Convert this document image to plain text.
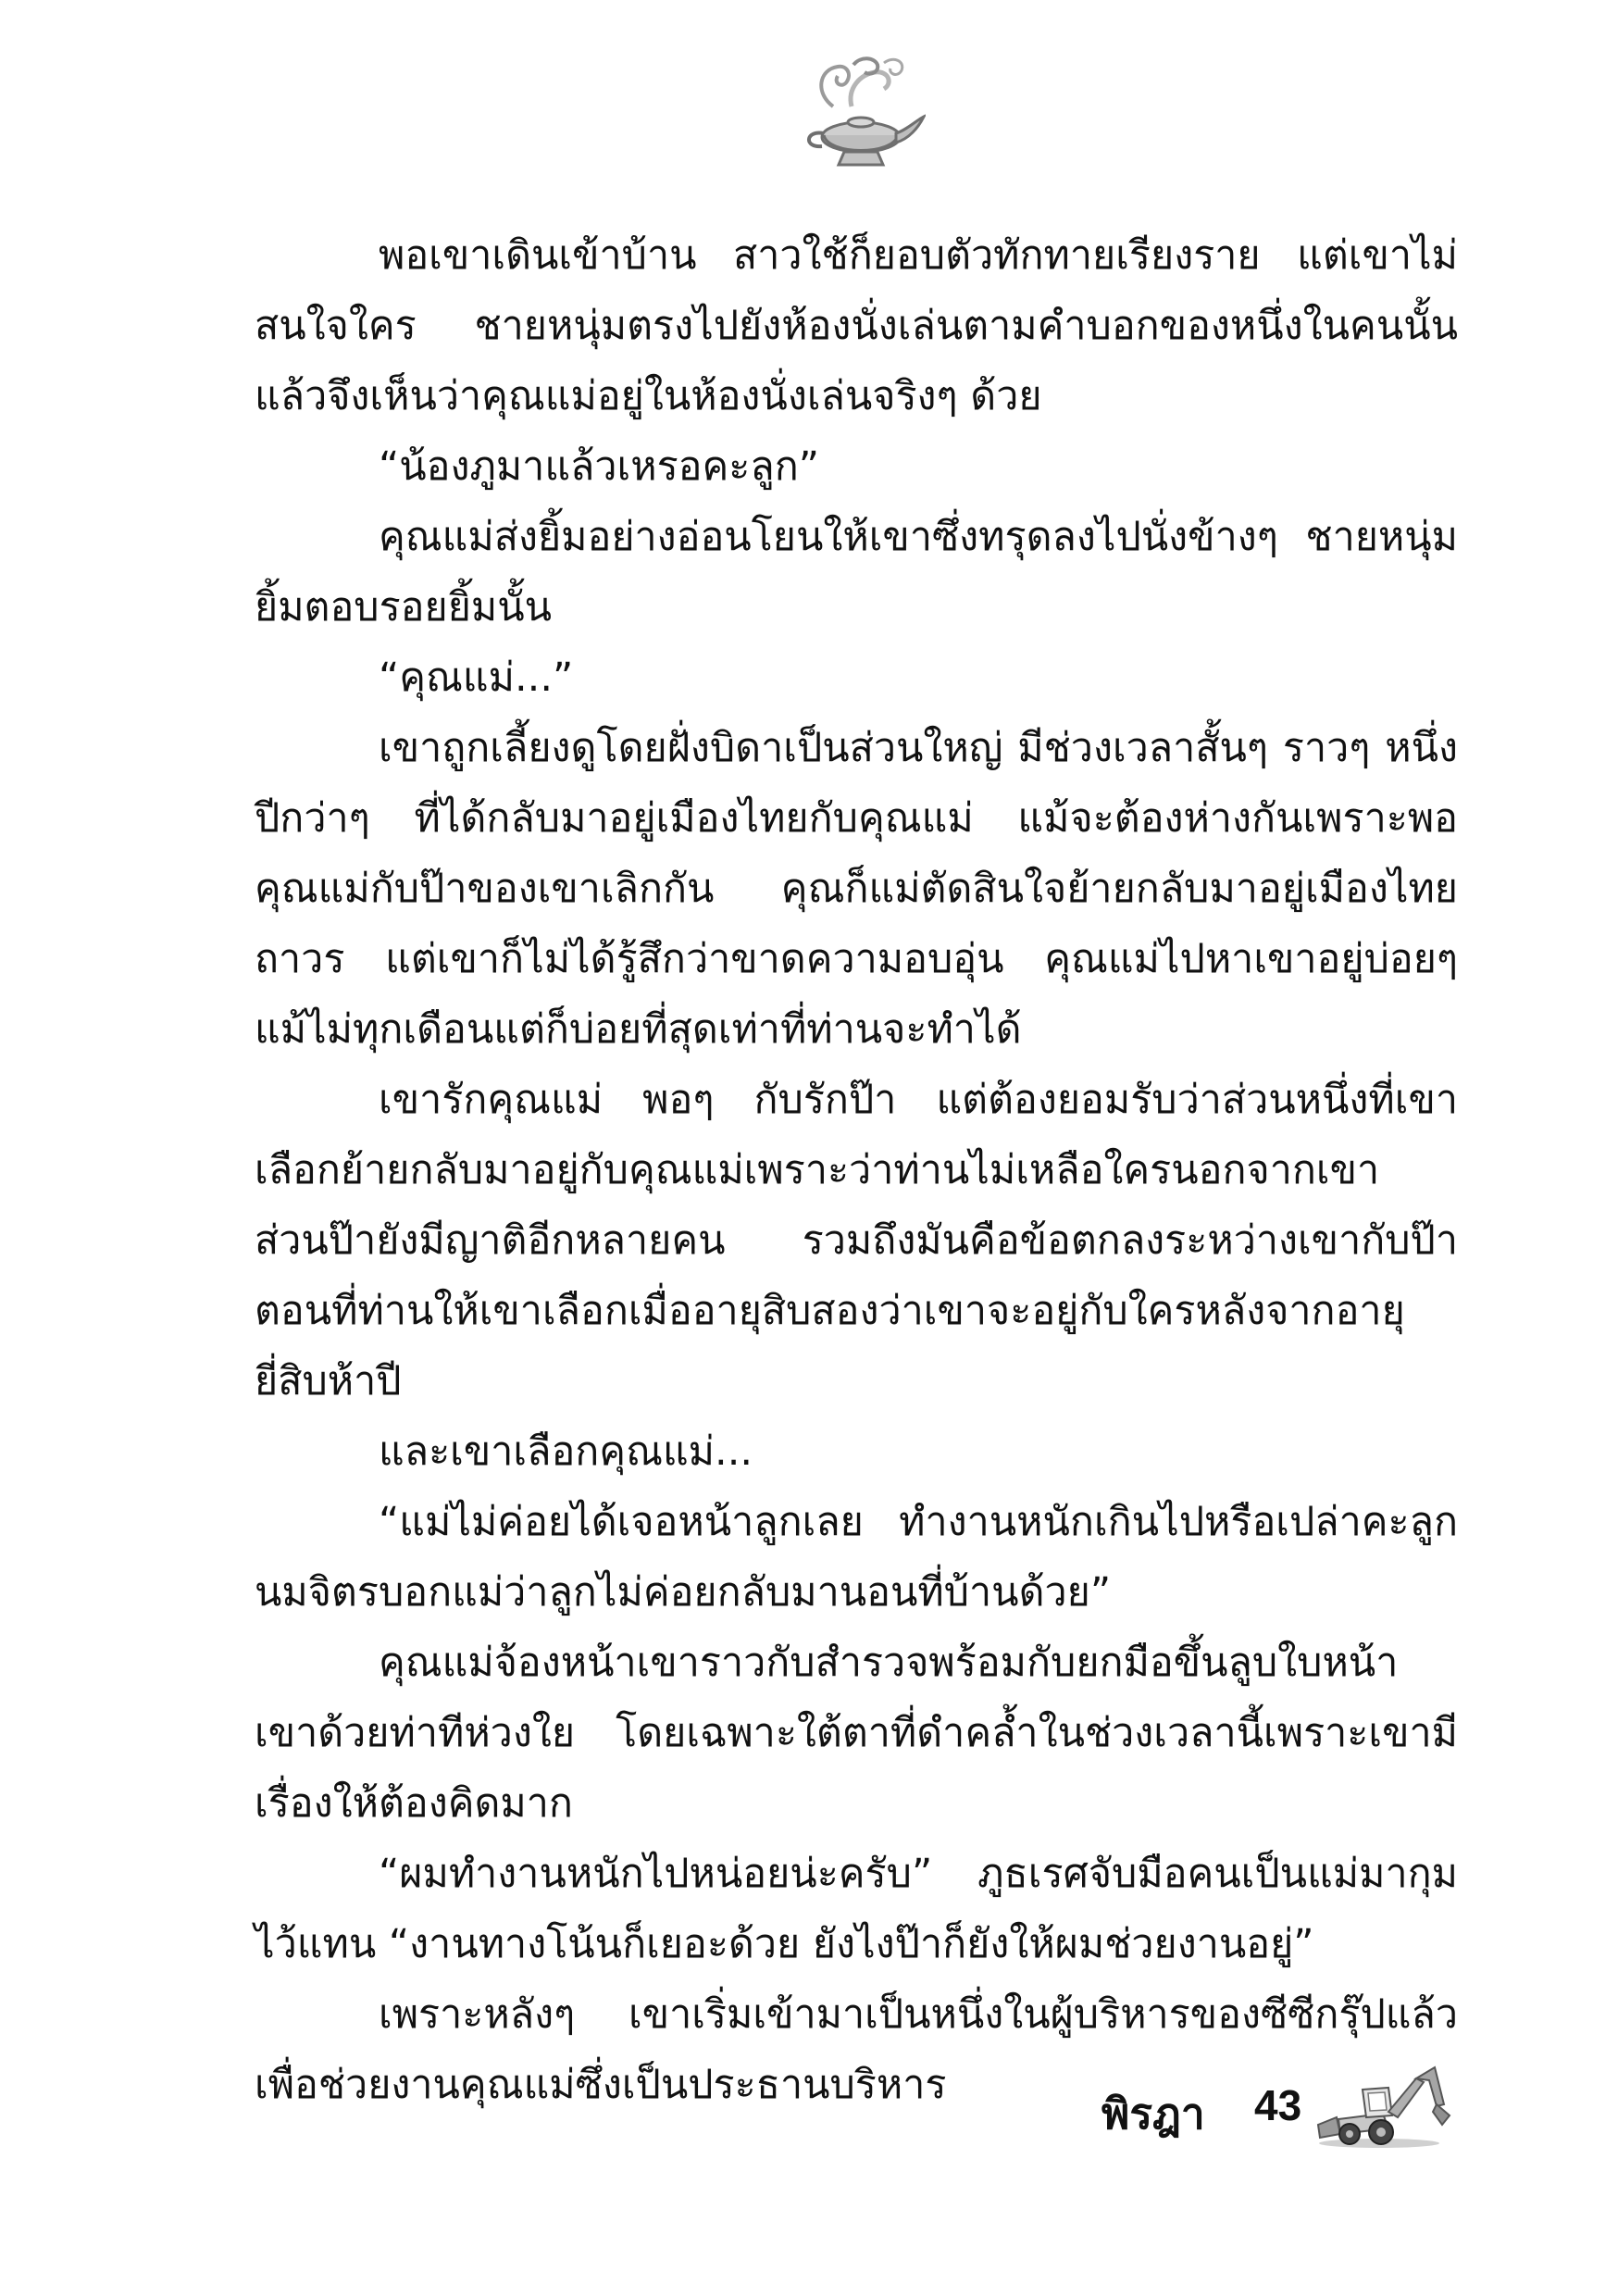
พอเขาเดินเข้าบ้าน สาวใช้ก็ยอบตัวทักทายเรียงราย แต่เขาไม่สนใจใคร ชายหนุ่มตรงไปยังห้องนั่งเล่นตามคำบอกของหนึ่งในคนนั้น แล้วจึงเห็นว่าคุณแม่อยู่ในห้องนั่งเล่นจริงๆ ด้วย

“น้องภูมาแล้วเหรอคะลูก”

คุณแม่ส่งยิ้มอย่างอ่อนโยนให้เขาซึ่งทรุดลงไปนั่งข้างๆ ชายหนุ่มยิ้มตอบรอยยิ้มนั้น

“คุณแม่...”

เขาถูกเลี้ยงดูโดยฝั่งบิดาเป็นส่วนใหญ่ มีช่วงเวลาสั้นๆ ราวๆ หนึ่งปีกว่าๆ ที่ได้กลับมาอยู่เมืองไทยกับคุณแม่ แม้จะต้องห่างกันเพราะพอคุณแม่กับป๊าของเขาเลิกกัน คุณก็แม่ตัดสินใจย้ายกลับมาอยู่เมืองไทยถาวร แต่เขาก็ไม่ได้รู้สึกว่าขาดความอบอุ่น คุณแม่ไปหาเขาอยู่บ่อยๆ แม้ไม่ทุกเดือนแต่ก็บ่อยที่สุดเท่าที่ท่านจะทำได้

เขารักคุณแม่ พอๆ กับรักป๊า แต่ต้องยอมรับว่าส่วนหนึ่งที่เขาเลือกย้ายกลับมาอยู่กับคุณแม่เพราะว่าท่านไม่เหลือใครนอกจากเขา ส่วนป๊ายังมีญาติอีกหลายคน รวมถึงมันคือข้อตกลงระหว่างเขากับป๊าตอนที่ท่านให้เขาเลือกเมื่ออายุสิบสองว่าเขาจะอยู่กับใครหลังจากอายุยี่สิบห้าปี

และเขาเลือกคุณแม่...

“แม่ไม่ค่อยได้เจอหน้าลูกเลย ทำงานหนักเกินไปหรือเปล่าคะลูก นมจิตรบอกแม่ว่าลูกไม่ค่อยกลับมานอนที่บ้านด้วย”

คุณแม่จ้องหน้าเขาราวกับสำรวจพร้อมกับยกมือขึ้นลูบใบหน้าเขาด้วยท่าทีห่วงใย โดยเฉพาะใต้ตาที่ดำคล้ำในช่วงเวลานี้เพราะเขามีเรื่องให้ต้องคิดมาก

“ผมทำงานหนักไปหน่อยน่ะครับ” ภูธเรศจับมือคนเป็นแม่มากุมไว้แทน “งานทางโน้นก็เยอะด้วย ยังไงป๊าก็ยังให้ผมช่วยงานอยู่”

เพราะหลังๆ เขาเริ่มเข้ามาเป็นหนึ่งในผู้บริหารของซีซีกรุ๊ปแล้วเพื่อช่วยงานคุณแม่ซึ่งเป็นประธานบริหาร

พิรฎา 43
